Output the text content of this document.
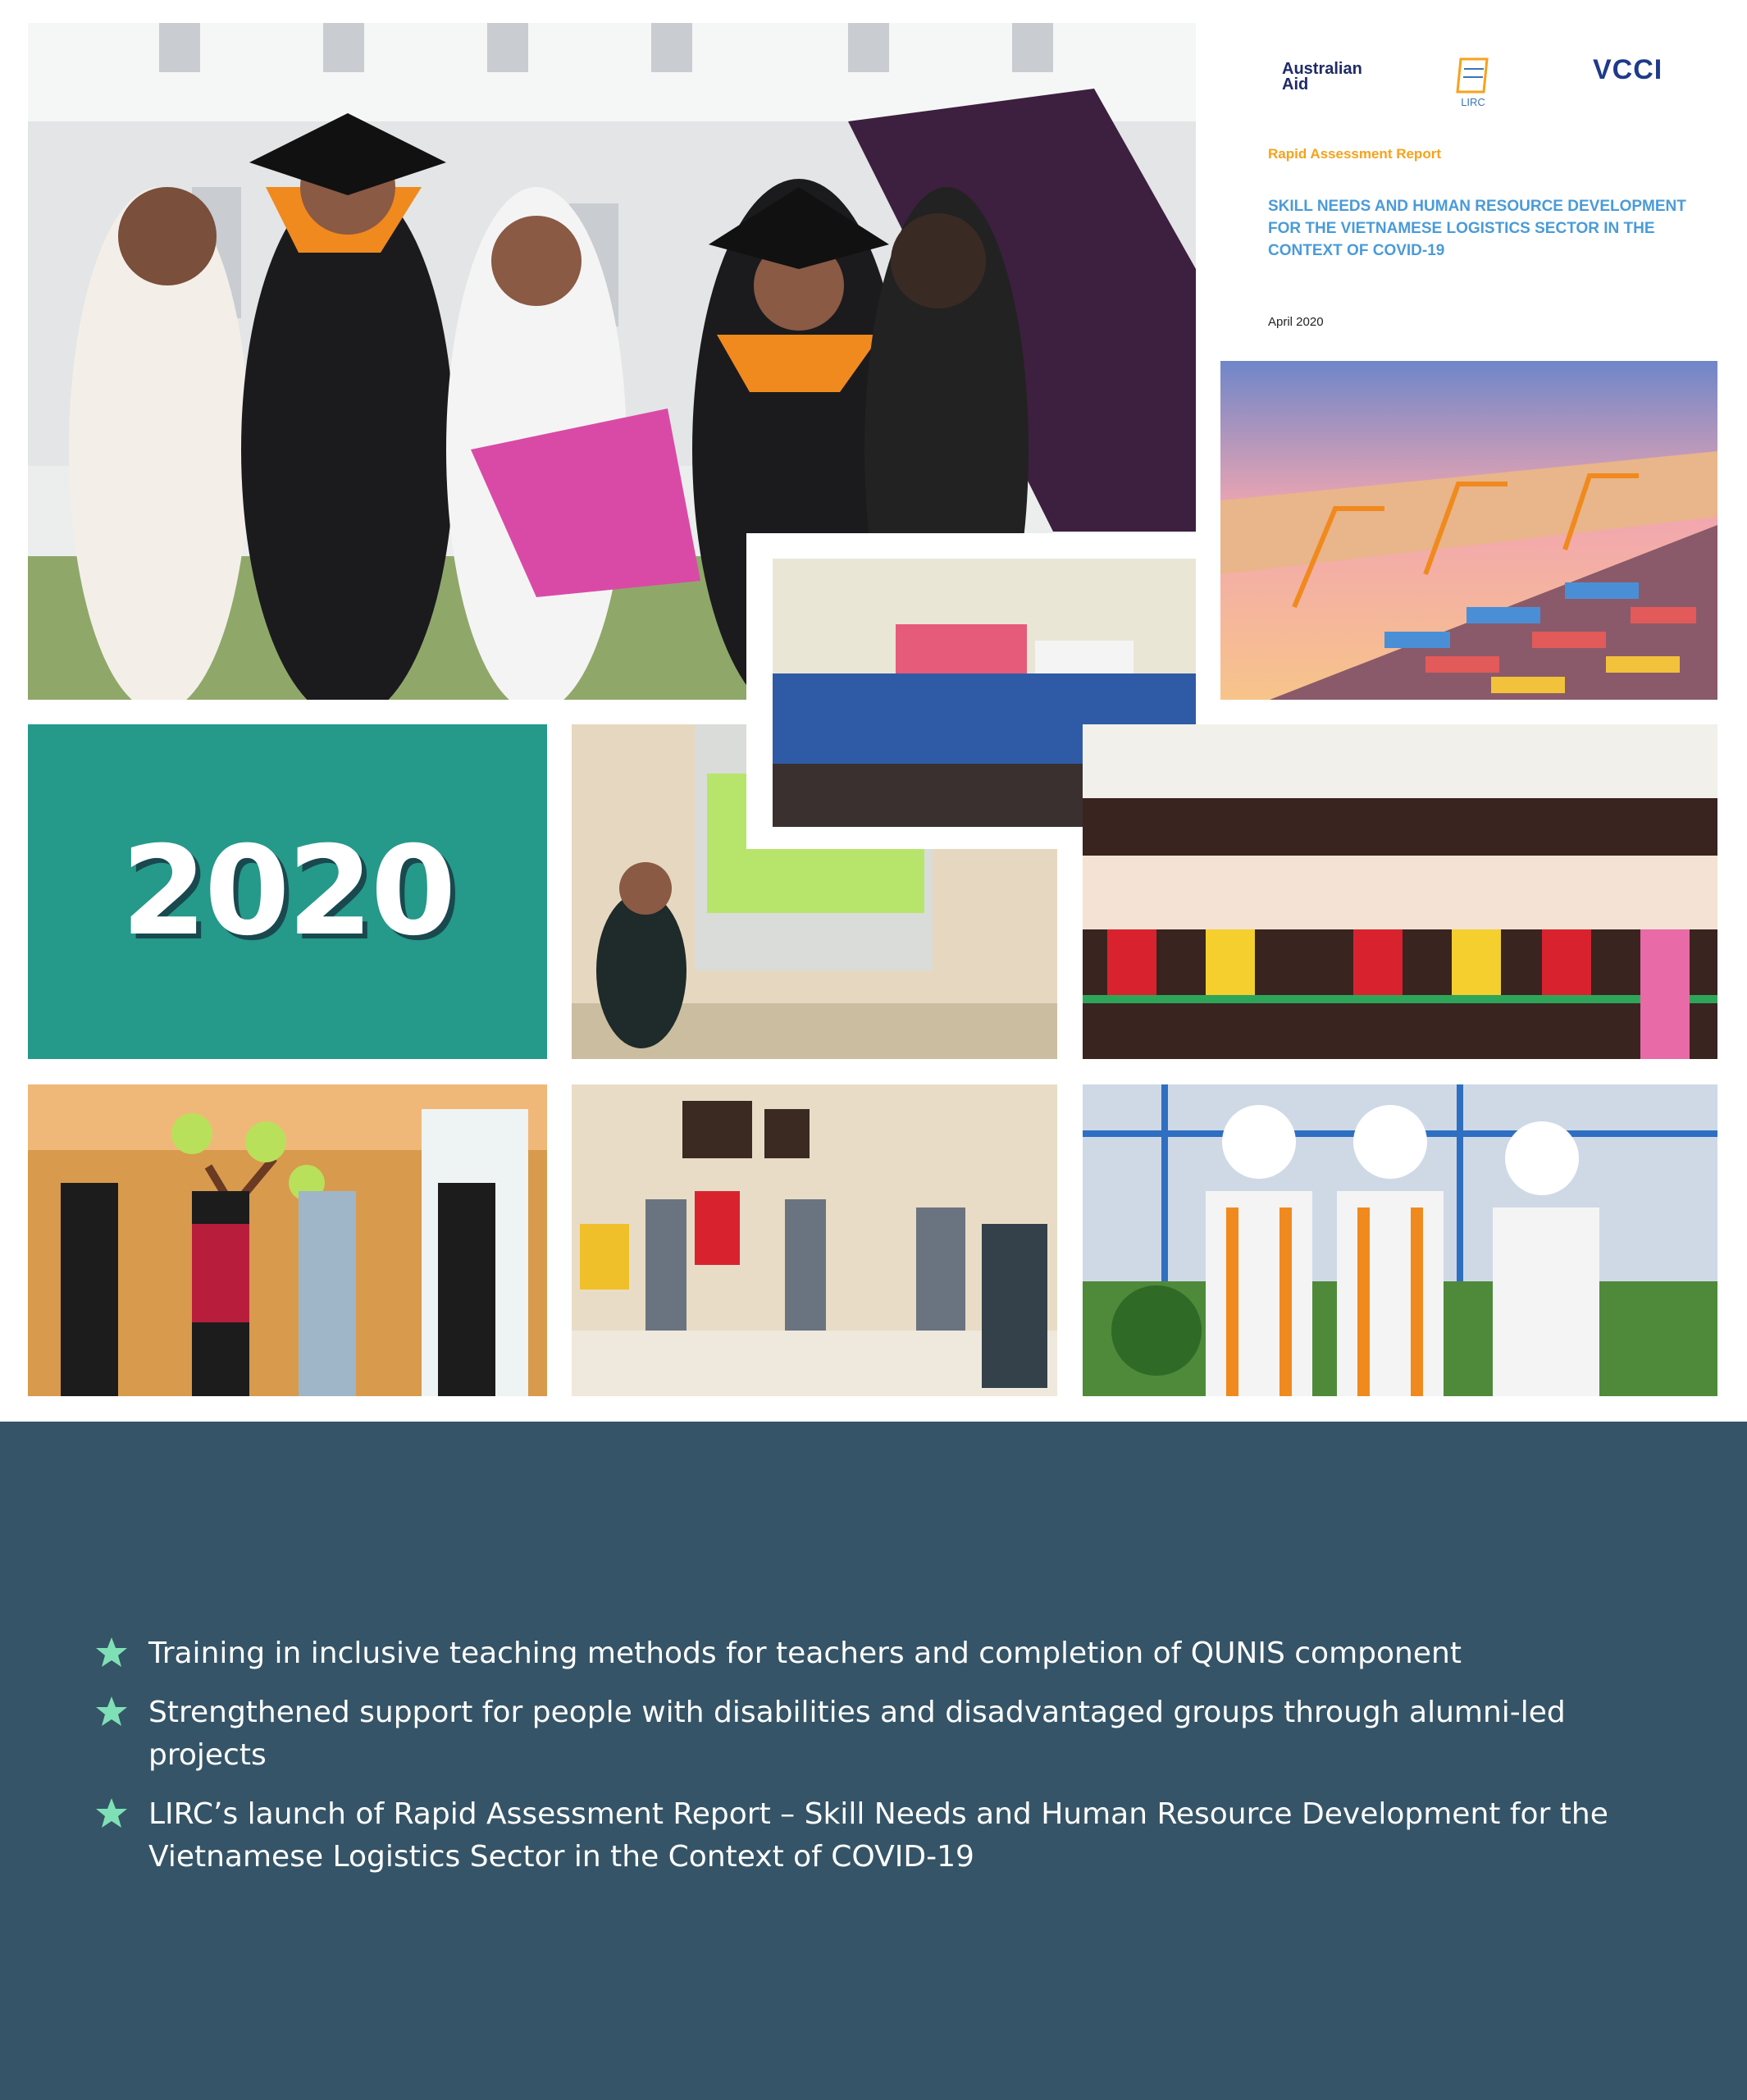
Australian
Aid
LIRC
VCCI
Rapid Assessment Report
SKILL NEEDS AND HUMAN RESOURCE DEVELOPMENT FOR THE VIETNAMESE LOGISTICS SECTOR IN THE CONTEXT OF COVID-19
April 2020
2020
Training in inclusive teaching methods for teachers and completion of QUNIS component
Strengthened support for people with disabilities and disadvantaged groups through alumni-led projects
LIRC’s launch of Rapid Assessment Report – Skill Needs and Human Resource Development for the Vietnamese Logistics Sector in the Context of COVID-19
